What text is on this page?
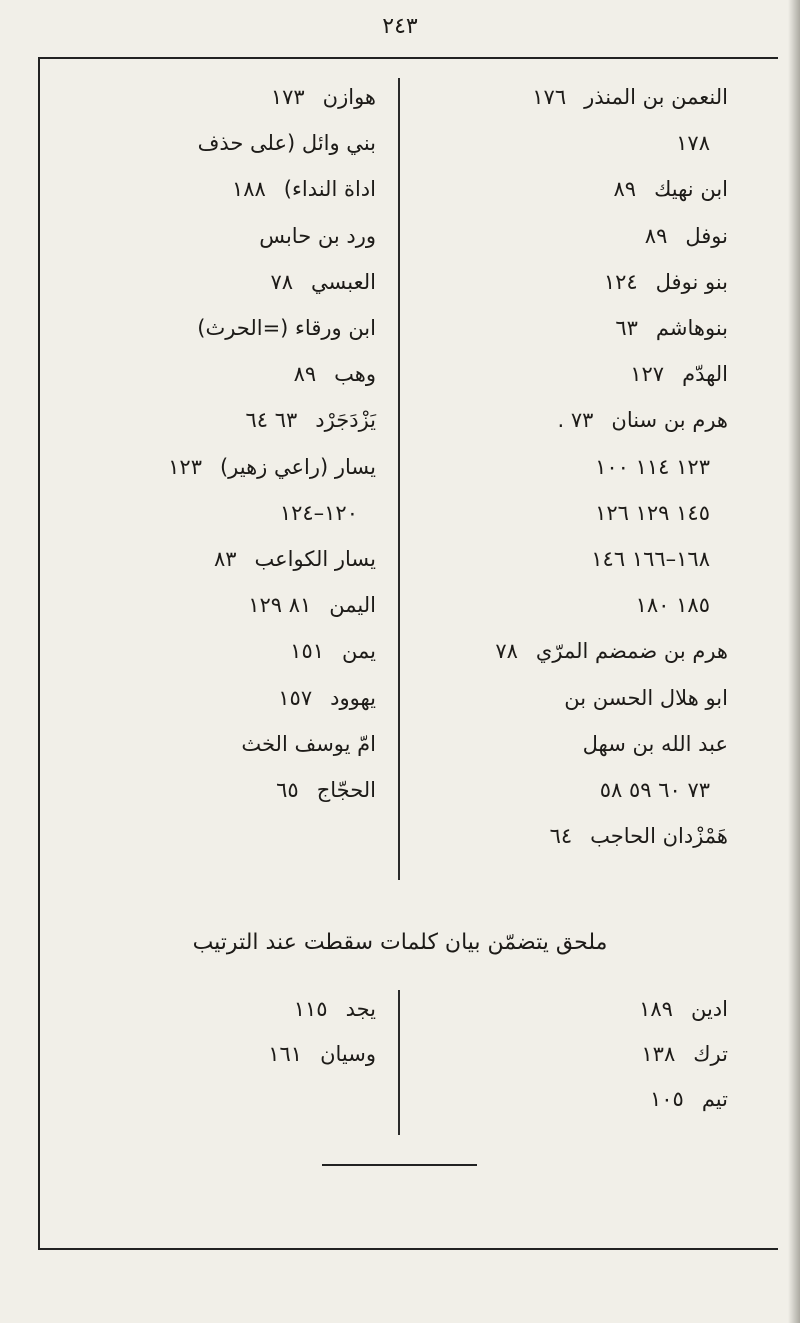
٢٤٣
النعمن بن المنذر
١٧٦
١٧٨
ابن نهيك
٨٩
نوفل
٨٩
بنو نوفل
١٢٤
بنوهاشم
٦٣
الهدّم
١٢٧
هرم بن سنان
. ٧٣
١٢٣ ١١٤ ١٠٠
١٤٥ ١٢٩ ١٢٦
١٦٨–١٦٦ ١٤٦
١٨٥ ١٨٠
هرم بن ضمضم المرّي
٧٨
ابو هلال الحسن بن
عبد الله بن سهل
٧٣ ٦٠ ٥٩ ٥٨
هَمْزْدان الحاجب
٦٤
هوازن
١٧٣
بني وائل (على حذف
اداة النداء)
١٨٨
ورد بن حابس
العبسي
٧٨
ابن ورقاء (=الحرث)
وهب
٨٩
يَزْدَجَرْد
٦٣ ٦٤
يسار (راعي زهير)
١٢٣
١٢٠–١٢٤
يسار الكواعب
٨٣
اليمن
٨١ ١٢٩
يمن
١٥١
يهوود
١٥٧
امّ يوسف الخث
الحجّاج
٦٥
ملحق يتضمّن بيان كلمات سقطت عند الترتيب
ادين
١٨٩
ترك
١٣٨
تيم
١٠٥
يجد
١١٥
وسيان
١٦١
